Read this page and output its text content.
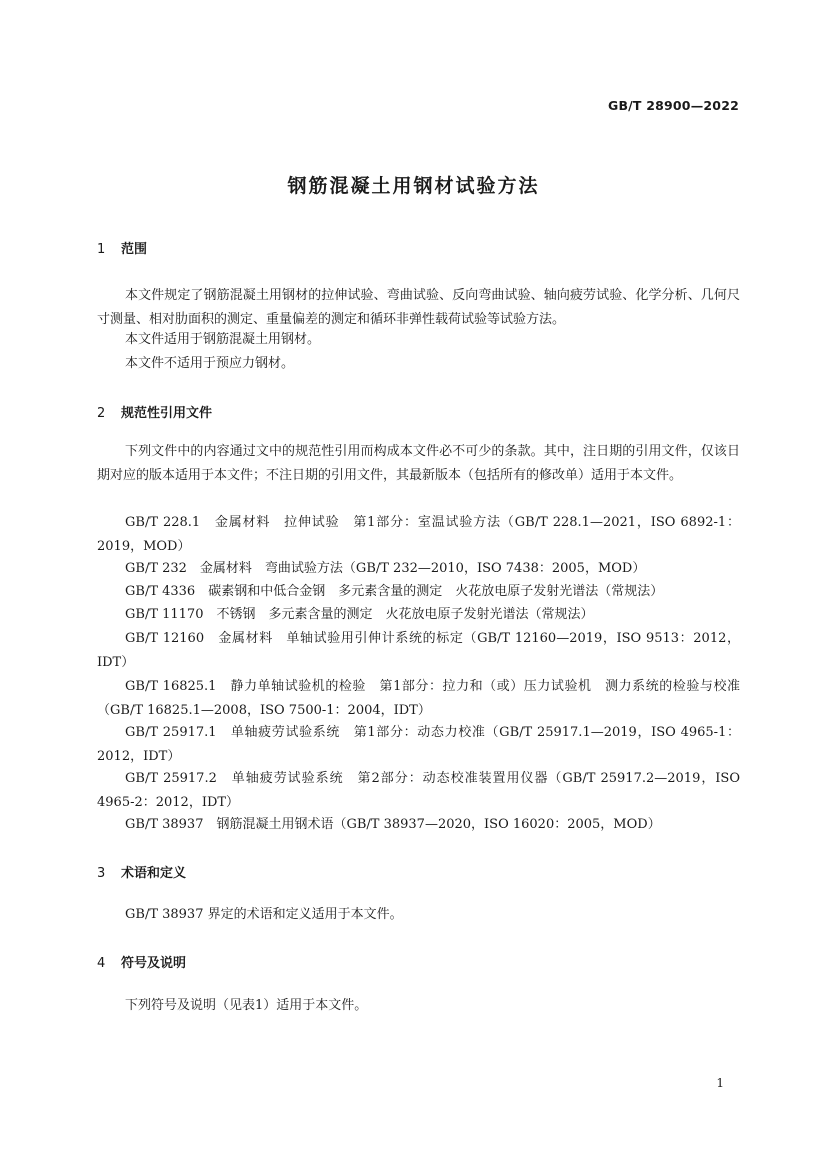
GB/T 28900—2022
钢筋混凝土用钢材试验方法
1 范围

本文件规定了钢筋混凝土用钢材的拉伸试验、弯曲试验、反向弯曲试验、轴向疲劳试验、化学分析、几何尺寸测量、相对肋面积的测定、重量偏差的测定和循环非弹性载荷试验等试验方法。

本文件适用于钢筋混凝土用钢材。

本文件不适用于预应力钢材。

2 规范性引用文件

下列文件中的内容通过文中的规范性引用而构成本文件必不可少的条款。其中，注日期的引用文件，仅该日期对应的版本适用于本文件；不注日期的引用文件，其最新版本（包括所有的修改单）适用于本文件。

GB/T 228.1　金属材料　拉伸试验　第1部分：室温试验方法（GB/T 228.1—2021，ISO 6892-1：2019，MOD）

GB/T 232　金属材料　弯曲试验方法（GB/T 232—2010，ISO 7438：2005，MOD）

GB/T 4336　碳素钢和中低合金钢　多元素含量的测定　火花放电原子发射光谱法（常规法）

GB/T 11170　不锈钢　多元素含量的测定　火花放电原子发射光谱法（常规法）

GB/T 12160　金属材料　单轴试验用引伸计系统的标定（GB/T 12160—2019，ISO 9513：2012，IDT）

GB/T 16825.1　静力单轴试验机的检验　第1部分：拉力和（或）压力试验机　测力系统的检验与校准（GB/T 16825.1—2008，ISO 7500-1：2004，IDT）

GB/T 25917.1　单轴疲劳试验系统　第1部分：动态力校准（GB/T 25917.1—2019，ISO 4965-1：2012，IDT）

GB/T 25917.2　单轴疲劳试验系统　第2部分：动态校准装置用仪器（GB/T 25917.2—2019，ISO 4965-2：2012，IDT）

GB/T 38937　钢筋混凝土用钢术语（GB/T 38937—2020，ISO 16020：2005，MOD）

3 术语和定义

GB/T 38937 界定的术语和定义适用于本文件。

4 符号及说明

下列符号及说明（见表1）适用于本文件。

1
